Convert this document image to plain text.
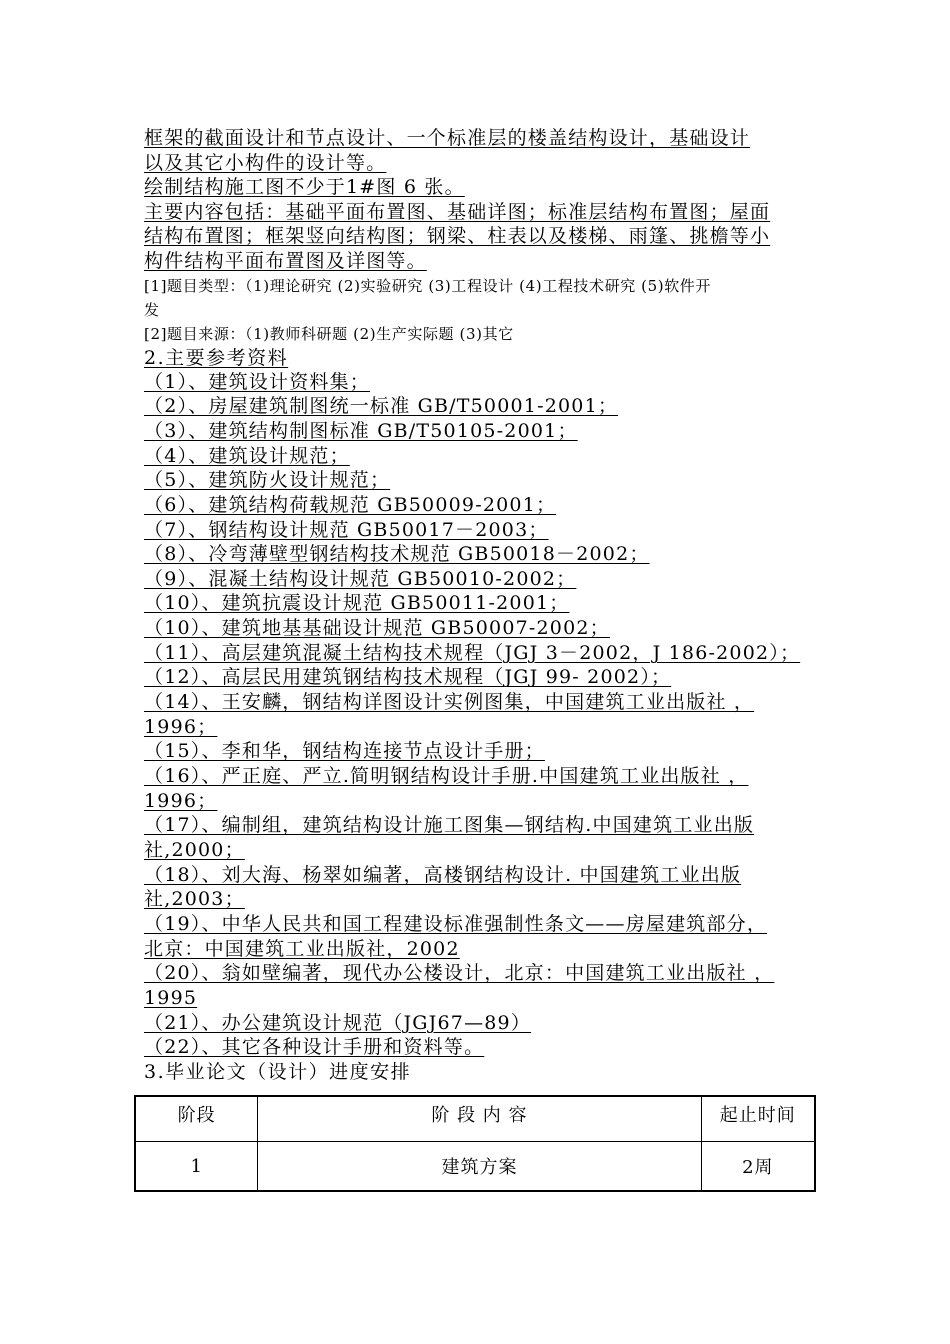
框架的截面设计和节点设计、一个标准层的楼盖结构设计，基础设计
以及其它小构件的设计等。
绘制结构施工图不少于1#图 6 张。
主要内容包括：基础平面布置图、基础详图；标准层结构布置图；屋面
结构布置图；框架竖向结构图；钢梁、柱表以及楼梯、雨篷、挑檐等小
构件结构平面布置图及详图等。
[1]题目类型：（1)理论研究 (2)实验研究 (3)工程设计 (4)工程技术研究 (5)软件开
发
[2]题目来源：（1)教师科研题 (2)生产实际题 (3)其它
2.主要参考资料
（1）、建筑设计资料集；
（2）、房屋建筑制图统一标准 GB/T50001-2001；
（3）、建筑结构制图标准 GB/T50105-2001；
（4）、建筑设计规范；
（5）、建筑防火设计规范；
（6）、建筑结构荷载规范 GB50009-2001；
（7）、钢结构设计规范 GB50017－2003；
（8）、冷弯薄壁型钢结构技术规范 GB50018－2002；
（9）、混凝土结构设计规范 GB50010-2002；
（10）、建筑抗震设计规范 GB50011-2001；
（10）、建筑地基基础设计规范 GB50007-2002；
（11）、高层建筑混凝土结构技术规程（JGJ 3－2002，J 186-2002）；
（12）、高层民用建筑钢结构技术规程（JGJ 99- 2002）；
（14）、王安麟，钢结构详图设计实例图集，中国建筑工业出版社 ，
1996；
（15）、李和华，钢结构连接节点设计手册；
（16）、严正庭、严立.简明钢结构设计手册.中国建筑工业出版社 ，
1996；
（17）、编制组，建筑结构设计施工图集—钢结构.中国建筑工业出版
社,2000；
（18）、刘大海、杨翠如编著，高楼钢结构设计. 中国建筑工业出版
社,2003；
（19）、中华人民共和国工程建设标准强制性条文——房屋建筑部分，
北京：中国建筑工业出版社，2002
（20）、翁如壁编著，现代办公楼设计，北京：中国建筑工业出版社 ，
1995
（21）、办公建筑设计规范（JGJ67—89）
（22）、其它各种设计手册和资料等。
3.毕业论文（设计）进度安排
阶段	阶 段 内 容	起止时间
1	建筑方案	2周
